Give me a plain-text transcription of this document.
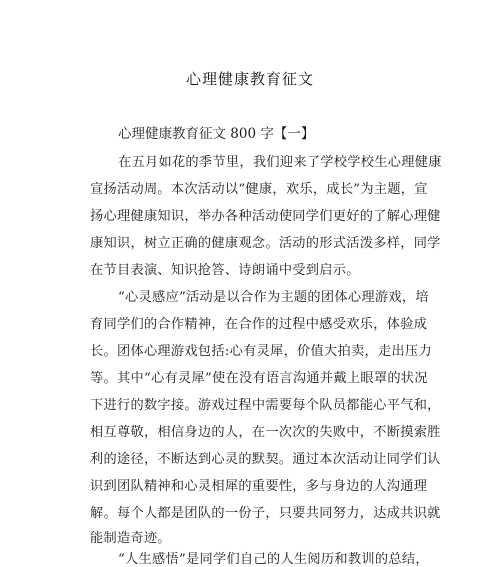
心理健康教育征文
心理健康教育征文 800 字【一】
在五月如花的季节里，我们迎来了学校学校生心理健康
宣扬活动周。本次活动以“健康，欢乐，成长”为主题，宣
扬心理健康知识，举办各种活动使同学们更好的了解心理健
康知识，树立正确的健康观念。活动的形式活泼多样，同学
在节目表演、知识抢答、诗朗诵中受到启示。
“心灵感应”活动是以合作为主题的团体心理游戏，培
育同学们的合作精神，在合作的过程中感受欢乐，体验成
长。团体心理游戏包括:心有灵犀，价值大拍卖，走出压力
等。其中“心有灵犀”使在没有语言沟通并戴上眼罩的状况
下进行的数字接。游戏过程中需要每个队员都能心平气和，
相互尊敬，相信身边的人，在一次次的失败中，不断摸索胜
利的途径，不断达到心灵的默契。通过本次活动让同学们认
识到团队精神和心灵相犀的重要性，多与身边的人沟通理
解。每个人都是团队的一份子，只要共同努力，达成共识就
能制造奇迹。
“人生感悟”是同学们自己的人生阅历和教训的总结，
